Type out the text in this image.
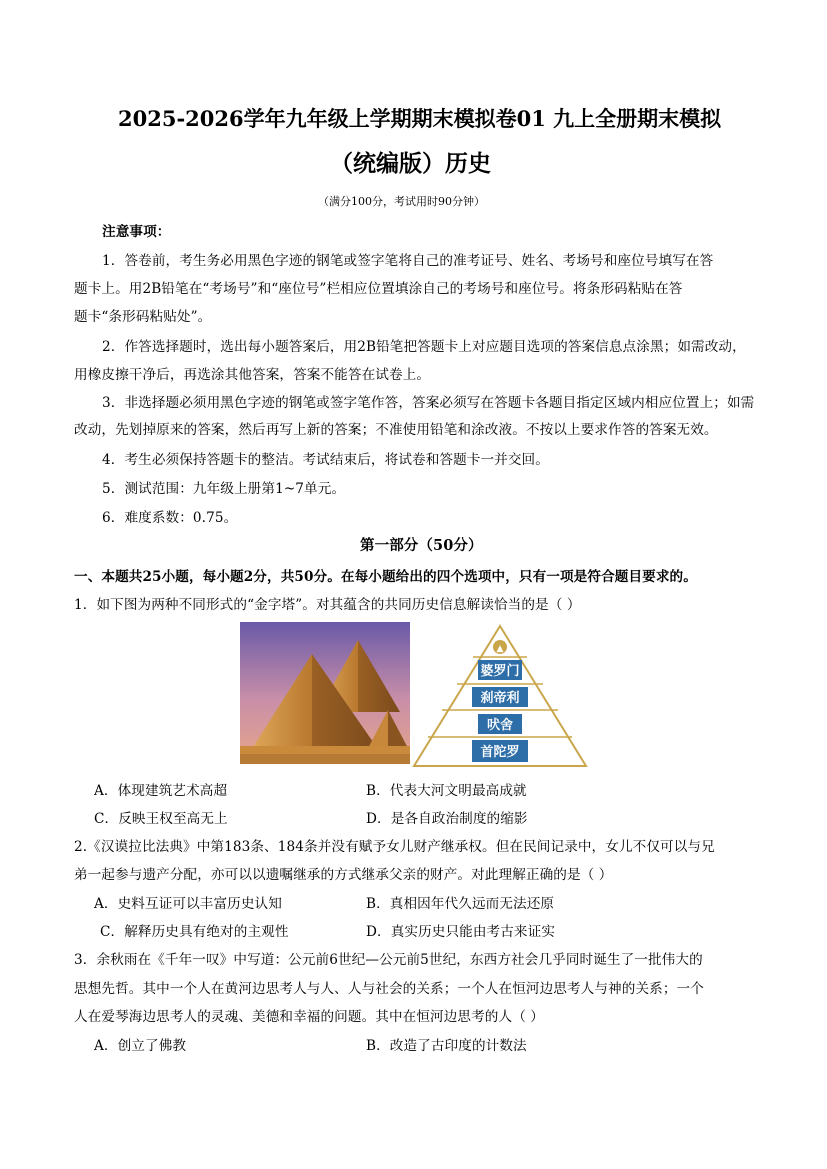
2025-2026学年九年级上学期期末模拟卷01 九上全册期末模拟
（统编版）历史
（满分100分，考试用时90分钟）
注意事项：
1．答卷前，考生务必用黑色字迹的钢笔或签字笔将自己的准考证号、姓名、考场号和座位号填写在答
题卡上。用2B铅笔在“考场号”和“座位号”栏相应位置填涂自己的考场号和座位号。将条形码粘贴在答
题卡“条形码粘贴处”。
2．作答选择题时，选出每小题答案后，用2B铅笔把答题卡上对应题目选项的答案信息点涂黑；如需改动，
用橡皮擦干净后，再选涂其他答案，答案不能答在试卷上。
3．非选择题必须用黑色字迹的钢笔或签字笔作答，答案必须写在答题卡各题目指定区域内相应位置上；如需
改动，先划掉原来的答案，然后再写上新的答案；不准使用铅笔和涂改液。不按以上要求作答的答案无效。
4．考生必须保持答题卡的整洁。考试结束后，将试卷和答题卡一并交回。
5．测试范围：九年级上册第1~7单元。
6．难度系数：0.75。
第一部分（50分）
一、本题共25小题，每小题2分，共50分。在每小题给出的四个选项中，只有一项是符合题目要求的。
1．如下图为两种不同形式的“金字塔”。对其蕴含的共同历史信息解读恰当的是（ ）
▲
婆罗门
刹帝利
吠舍
首陀罗
A．体现建筑艺术高超	B．代表大河文明最高成就
C．反映王权至高无上	D．是各自政治制度的缩影
2.《汉谟拉比法典》中第183条、184条并没有赋予女儿财产继承权。但在民间记录中，女儿不仅可以与兄
弟一起参与遗产分配，亦可以以遗嘱继承的方式继承父亲的财产。对此理解正确的是（ ）
A．史料互证可以丰富历史认知	B．真相因年代久远而无法还原
C．解释历史具有绝对的主观性	D．真实历史只能由考古来证实
3．余秋雨在《千年一叹》中写道：公元前6世纪—公元前5世纪，东西方社会几乎同时诞生了一批伟大的
思想先哲。其中一个人在黄河边思考人与人、人与社会的关系；一个人在恒河边思考人与神的关系；一个
人在爱琴海边思考人的灵魂、美德和幸福的问题。其中在恒河边思考的人（ ）
A．创立了佛教	B．改造了古印度的计数法
